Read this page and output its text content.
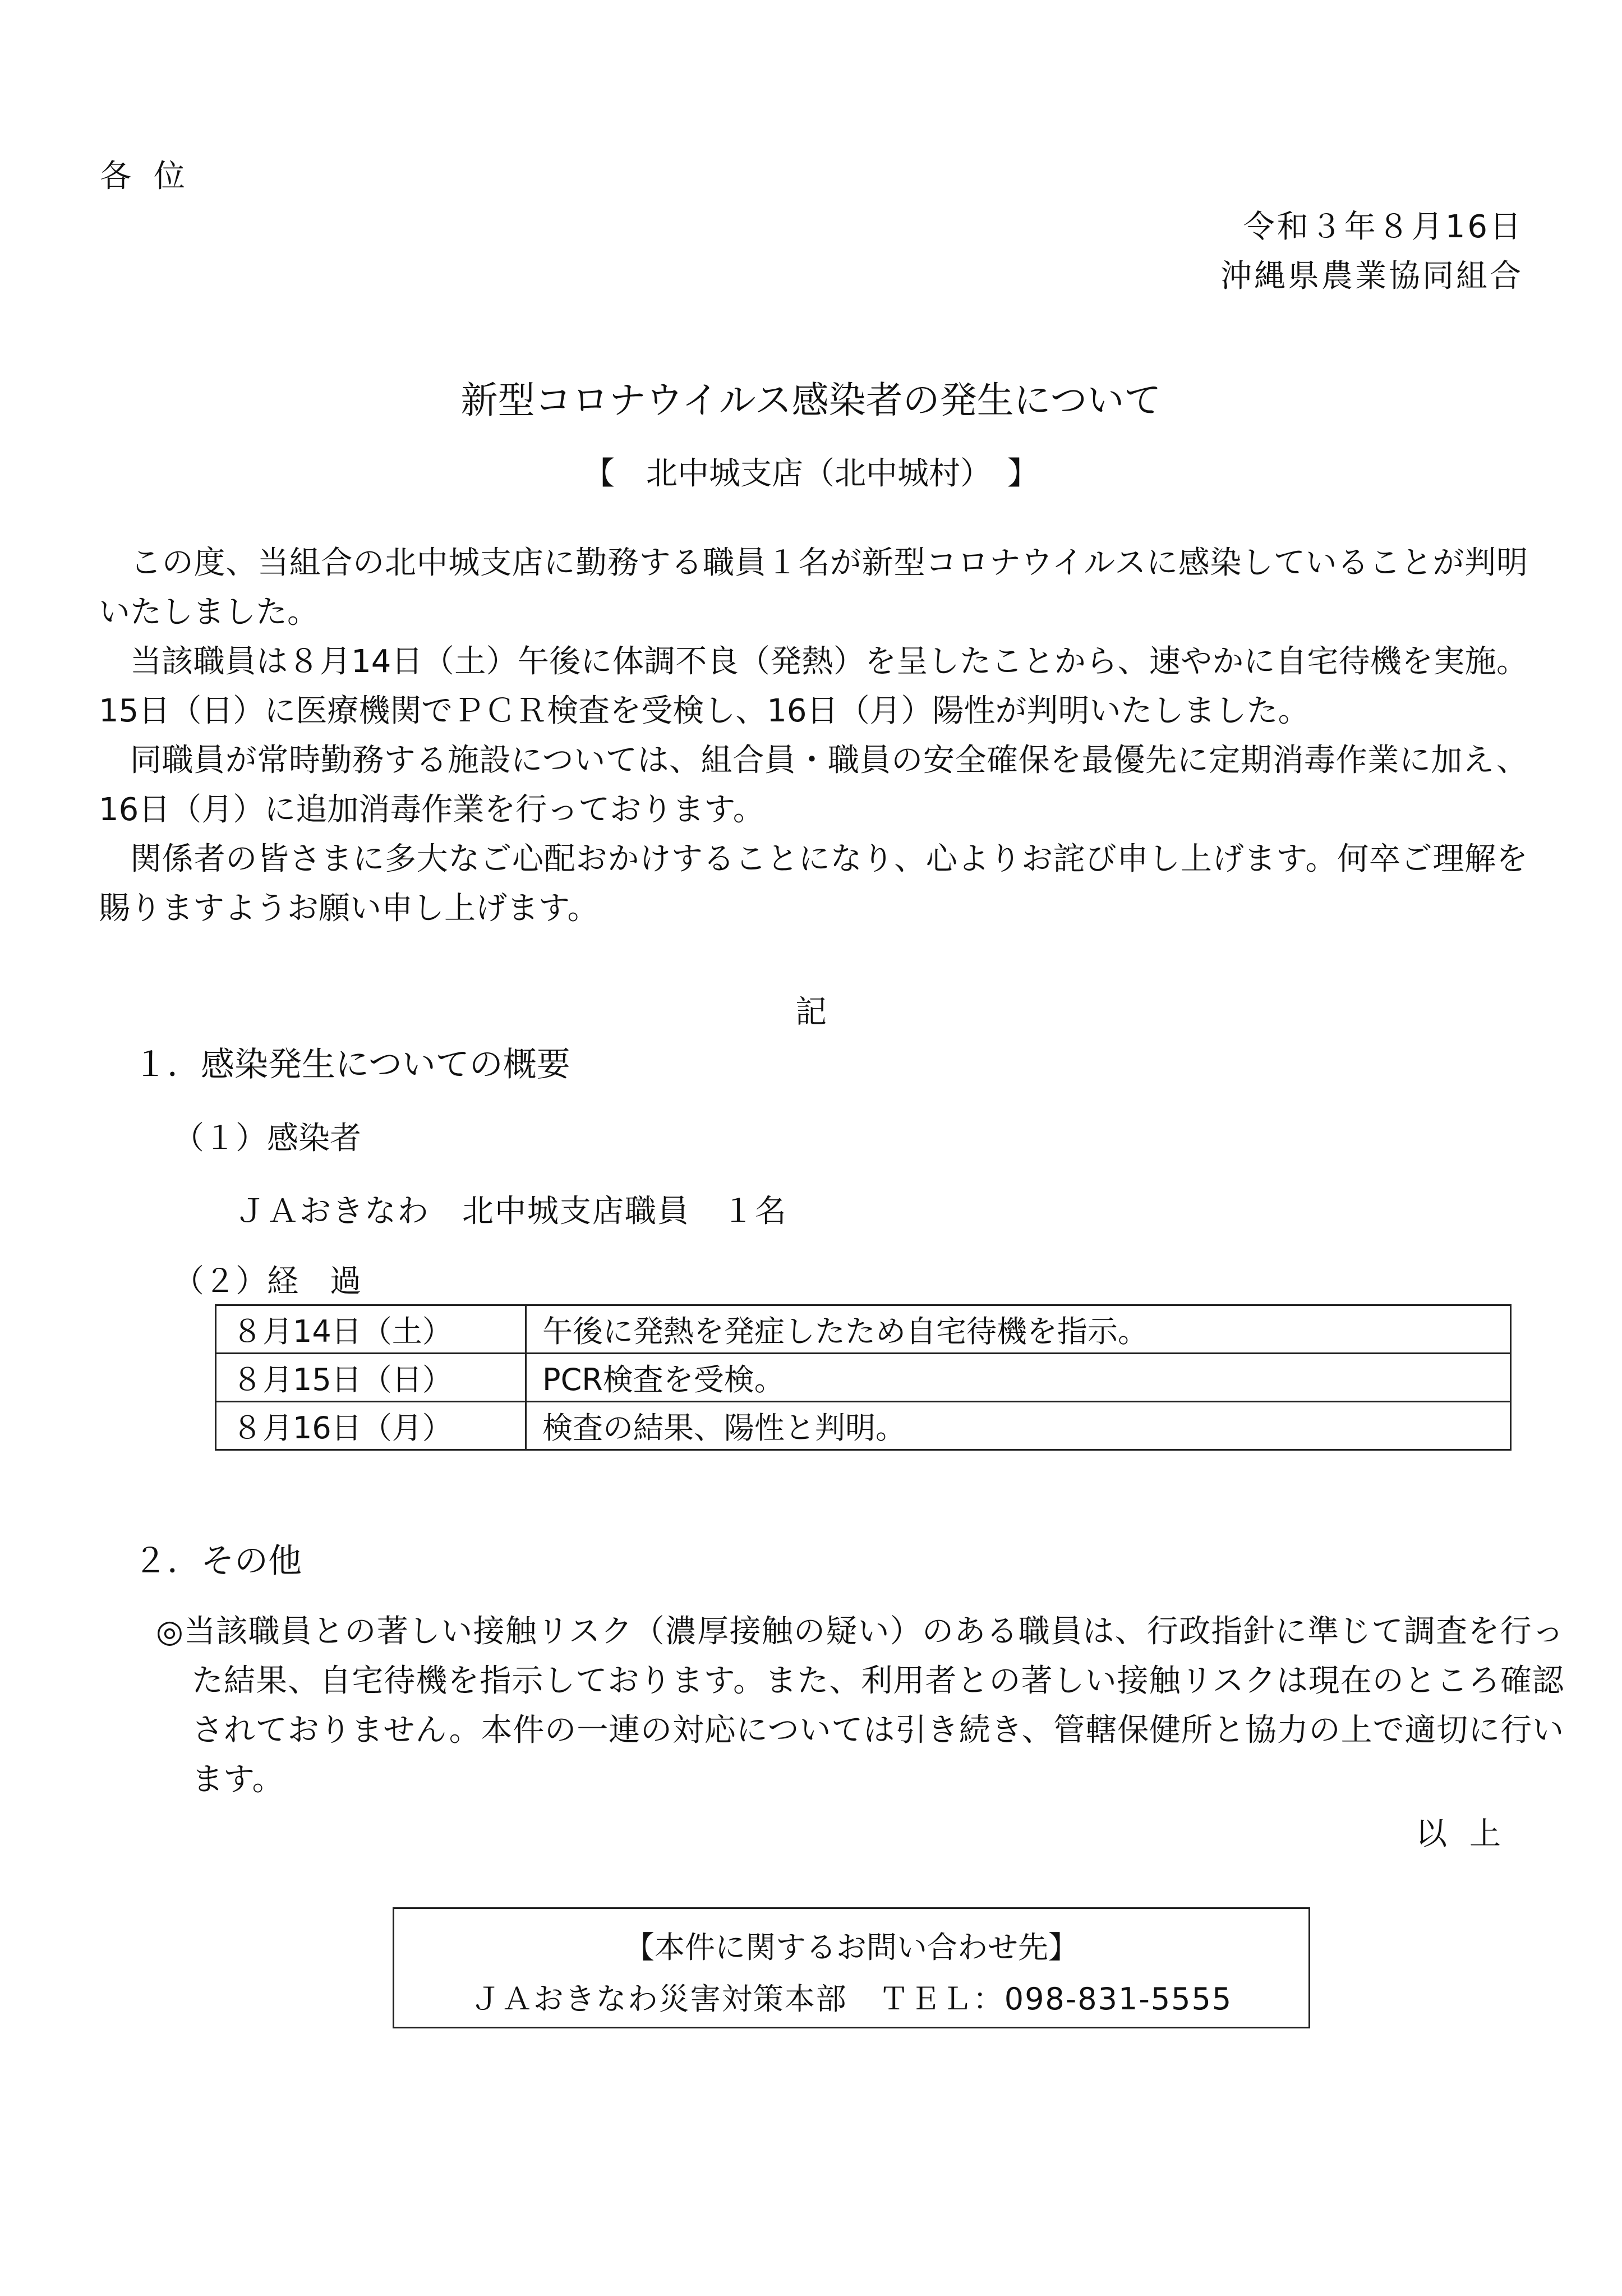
各位
令和３年８月16日
沖縄県農業協同組合
新型コロナウイルス感染者の発生について
【　北中城支店（北中城村）　】

この度、当組合の北中城支店に勤務する職員１名が新型コロナウイルスに感染していることが判明いたしました。

当該職員は８月14日（土）午後に体調不良（発熱）を呈したことから、速やかに自宅待機を実施。15日（日）に医療機関でＰＣＲ検査を受検し、16日（月）陽性が判明いたしました。

同職員が常時勤務する施設については、組合員・職員の安全確保を最優先に定期消毒作業に加え、16日（月）に追加消毒作業を行っております。

関係者の皆さまに多大なご心配おかけすることになり、心よりお詫び申し上げます。何卒ご理解を賜りますようお願い申し上げます。

記
１．感染発生についての概要
（１）感染者
ＪＡおきなわ　北中城支店職員　１名
（２）経　過
８月14日（土）	午後に発熱を発症したため自宅待機を指示。
８月15日（日）	PCR検査を受検。
８月16日（月）	検査の結果、陽性と判明。
２．その他

◎当該職員との著しい接触リスク（濃厚接触の疑い）のある職員は、行政指針に準じて調査を行った結果、自宅待機を指示しております。また、利用者との著しい接触リスクは現在のところ確認されておりません。本件の一連の対応については引き続き、管轄保健所と協力の上で適切に行います。

以上
【本件に関するお問い合わせ先】
ＪＡおきなわ災害対策本部　ＴＥＬ：098-831-5555
